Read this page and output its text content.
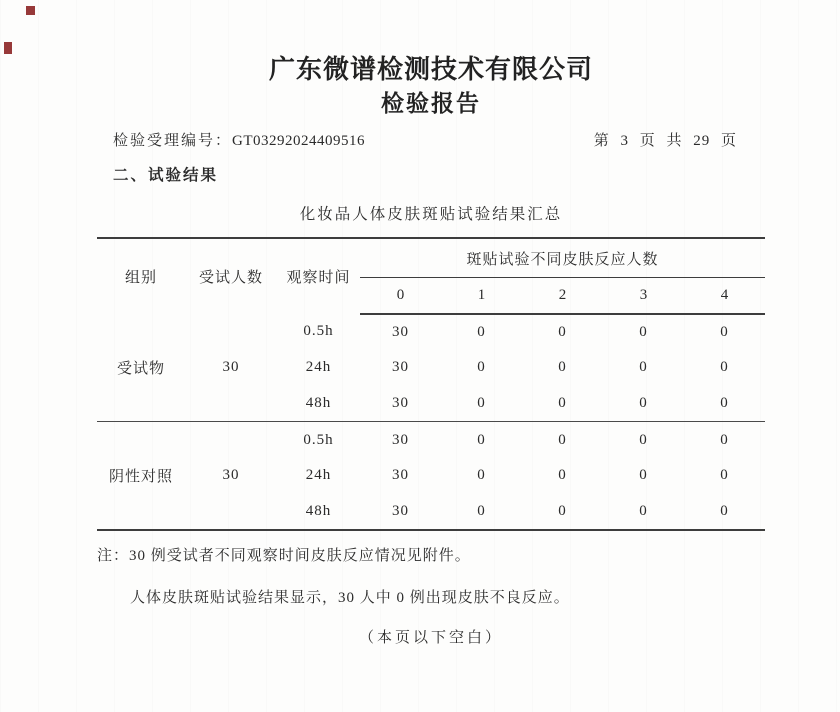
广东微谱检测技术有限公司
检验报告
检验受理编号：GT03292024409516	第 3 页 共 29 页
二、试验结果
化妆品人体皮肤斑贴试验结果汇总
组别	受试人数	观察时间	斑贴试验不同皮肤反应人数				
			0	1	2	3	4
受试物	30	0.5h	30	0	0	0	0
		24h	30	0	0	0	0
		48h	30	0	0	0	0
阴性对照	30	0.5h	30	0	0	0	0
		24h	30	0	0	0	0
		48h	30	0	0	0	0
注：30 例受试者不同观察时间皮肤反应情况见附件。
人体皮肤斑贴试验结果显示，30 人中 0 例出现皮肤不良反应。
（本页以下空白）
